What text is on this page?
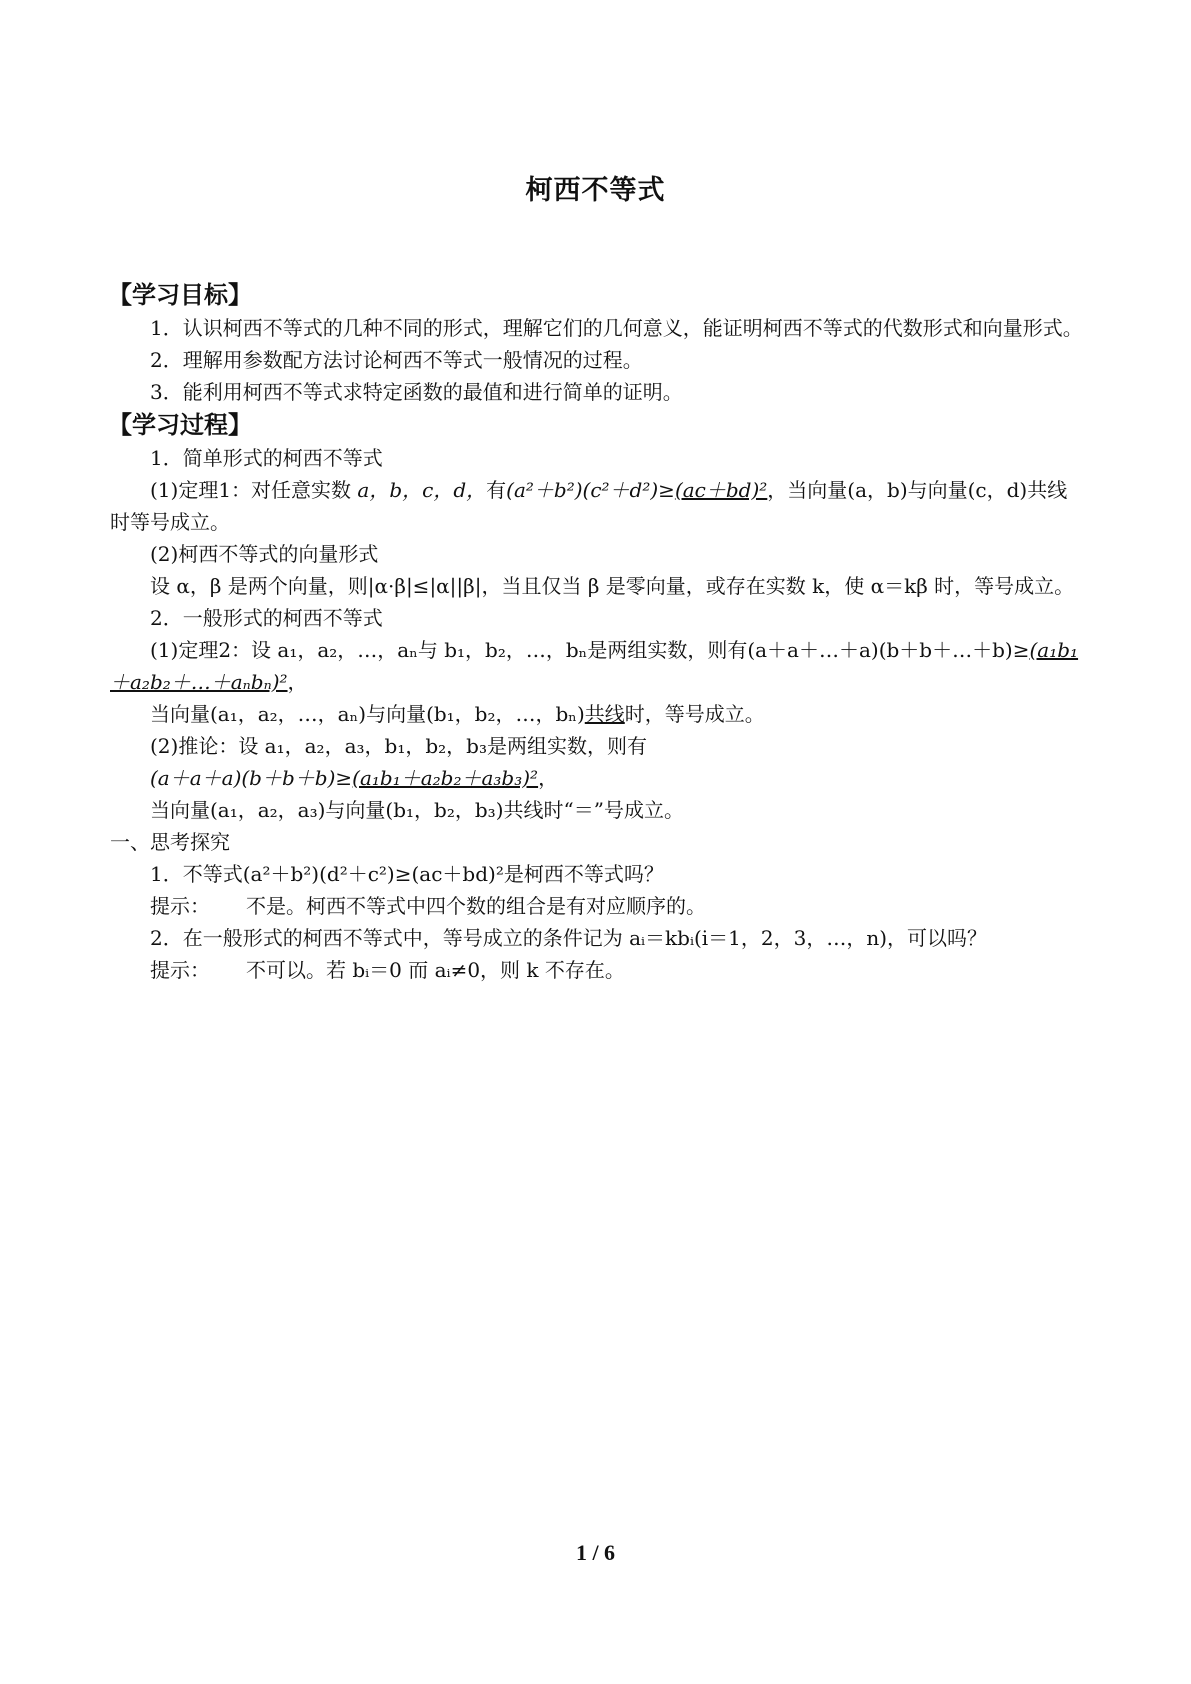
柯西不等式
【学习目标】

1．认识柯西不等式的几种不同的形式，理解它们的几何意义，能证明柯西不等式的代数形式和向量形式。

2．理解用参数配方法讨论柯西不等式一般情况的过程。

3．能利用柯西不等式求特定函数的最值和进行简单的证明。

【学习过程】

1．简单形式的柯西不等式

(1)定理1：对任意实数 a，b，c，d，有(a²＋b²)(c²＋d²)≥(ac＋bd)²，当向量(a，b)与向量(c，d)共线时等号成立。

(2)柯西不等式的向量形式

设 α，β 是两个向量，则|α·β|≤|α||β|，当且仅当 β 是零向量，或存在实数 k，使 α＝kβ 时，等号成立。

2．一般形式的柯西不等式

(1)定理2：设 a₁，a₂，…，aₙ与 b₁，b₂，…，bₙ是两组实数，则有(a＋a＋…＋a)(b＋b＋…＋b)≥(a₁b₁＋a₂b₂＋…＋aₙbₙ)²，

当向量(a₁，a₂，…，aₙ)与向量(b₁，b₂，…，bₙ)共线时，等号成立。

(2)推论：设 a₁，a₂，a₃，b₁，b₂，b₃是两组实数，则有

(a＋a＋a)(b＋b＋b)≥(a₁b₁＋a₂b₂＋a₃b₃)²，

当向量(a₁，a₂，a₃)与向量(b₁，b₂，b₃)共线时“＝”号成立。

一、思考探究

1．不等式(a²＋b²)(d²＋c²)≥(ac＋bd)²是柯西不等式吗？

提示： 不是。柯西不等式中四个数的组合是有对应顺序的。

2．在一般形式的柯西不等式中，等号成立的条件记为 aᵢ＝kbᵢ(i＝1，2，3，…，n)，可以吗？

提示： 不可以。若 bᵢ＝0 而 aᵢ≠0，则 k 不存在。

1 / 6
